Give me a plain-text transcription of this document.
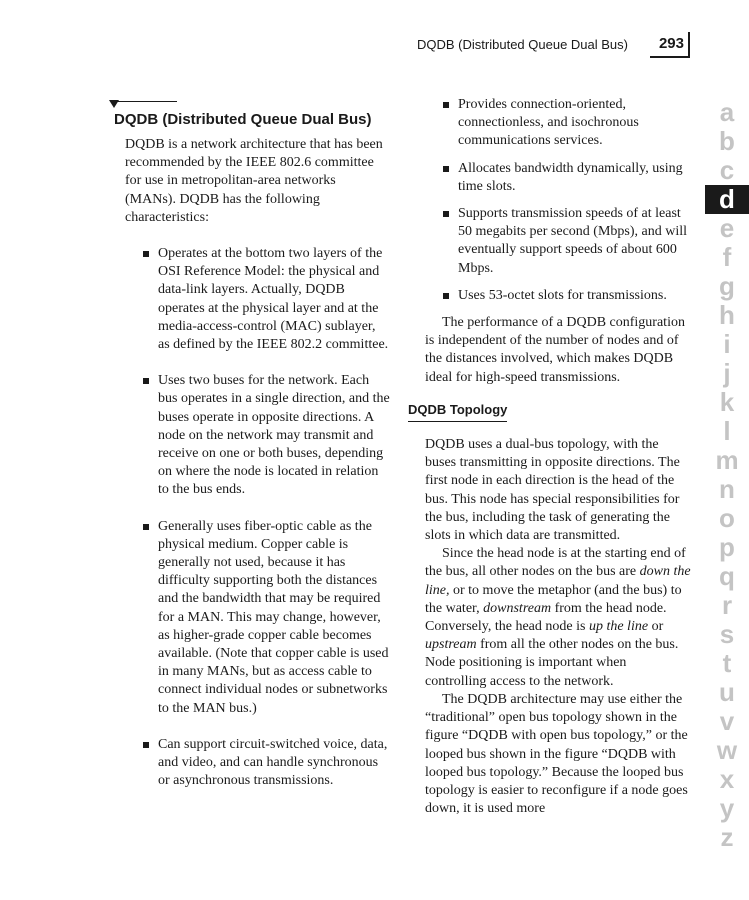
DQDB (Distributed Queue Dual Bus) 293
DQDB (Distributed Queue Dual Bus)

DQDB is a network architecture that has been recommended by the IEEE 802.6 committee for use in metropolitan-area networks (MANs). DQDB has the following characteristics:

Operates at the bottom two layers of the OSI Reference Model: the physical and data-link layers. Actually, DQDB operates at the physical layer and at the media-access-control (MAC) sublayer, as defined by the IEEE 802.2 committee.
Uses two buses for the network. Each bus operates in a single direction, and the buses operate in opposite directions. A node on the network may transmit and receive on one or both buses, depending on where the node is located in relation to the bus ends.
Generally uses fiber-optic cable as the physical medium. Copper cable is generally not used, because it has difficulty supporting both the distances and the bandwidth that may be required for a MAN. This may change, however, as higher-grade copper cable becomes available. (Note that copper cable is used in many MANs, but as access cable to connect individual nodes or subnetworks to the MAN bus.)
Can support circuit-switched voice, data, and video, and can handle synchronous or asynchronous transmissions.
Provides connection-oriented, connectionless, and isochronous communications services.
Allocates bandwidth dynamically, using time slots.
Supports transmission speeds of at least 50 megabits per second (Mbps), and will eventually support speeds of about 600 Mbps.
Uses 53-octet slots for transmissions.

The performance of a DQDB configuration is independent of the number of nodes and of the distances involved, which makes DQDB ideal for high-speed transmissions.

DQDB Topology

DQDB uses a dual-bus topology, with the buses transmitting in opposite directions. The first node in each direction is the head of the bus. This node has special responsibilities for the bus, including the task of generating the slots in which data are transmitted.

Since the head node is at the starting end of the bus, all other nodes on the bus are down the line, or to move the metaphor (and the bus) to the water, downstream from the head node. Conversely, the head node is up the line or upstream from all the other nodes on the bus. Node positioning is important when controlling access to the network.

The DQDB architecture may use either the “traditional” open bus topology shown in the figure “DQDB with open bus topology,” or the looped bus shown in the figure “DQDB with looped bus topology.” Because the looped bus topology is easier to reconfigure if a node goes down, it is used more

a
b
c
d
e
f
g
h
i
j
k
l
m
n
o
p
q
r
s
t
u
v
w
x
y
z
